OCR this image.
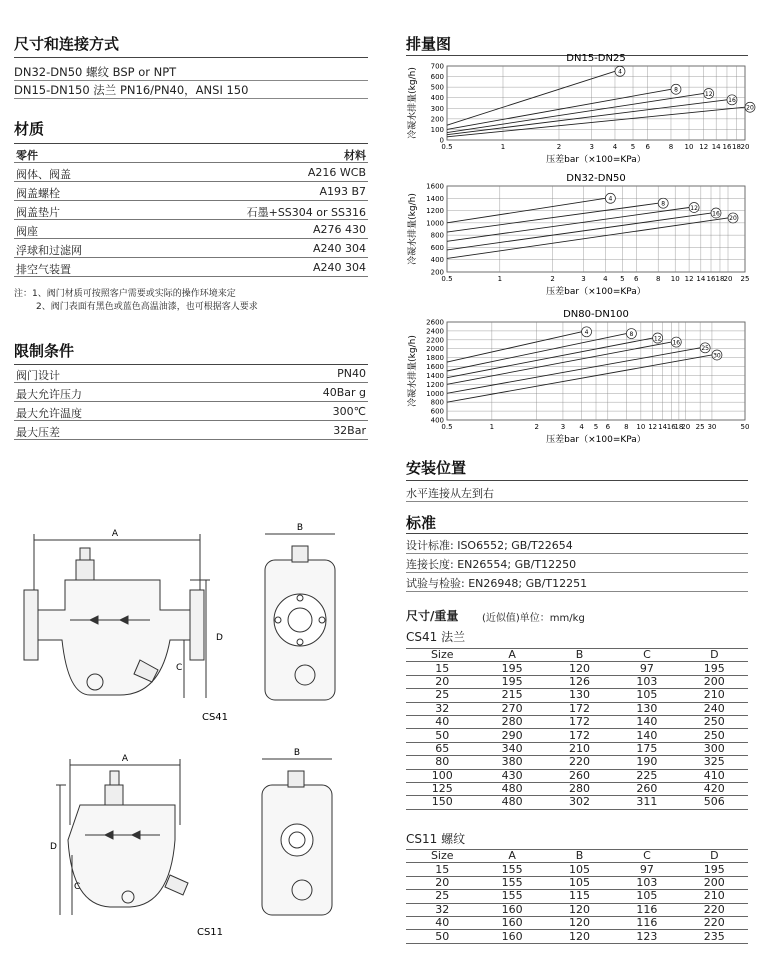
尺寸和连接方式
DN32-DN50 螺纹 BSP or NPT
DN15-DN150 法兰 PN16/PN40，ANSI 150
材质
零件	材料
阀体、阀盖	A216 WCB
阀盖螺栓	A193 B7
阀盖垫片	石墨+SS304 or SS316
阀座	A276 430
浮球和过滤网	A240 304
排空气装置	A240 304
注：1、阀门材质可按照客户需要或实际的操作环境来定
2、阀门表面有黑色或蓝色高温油漆，也可根据客人要求
限制条件
阀门设计	PN40
最大允许压力	40Bar g
最大允许温度	300℃
最大压差	32Bar
A
B
D
C
CS41
A
B
D
C
CS11
排量图
DN15-DN25
0
100
200
300
400
500
600
700
0.5	1	2	3	4 5 6	8 10 12 14 16 18 20
4
8
12
16
20
冷凝水排量(kg/h)
压差bar（×100=KPa）
DN32-DN50
200
400
600
800
1000
1200
1400
1600
0.5	1	2	3 4 5 6 8 10 12 14 16 18 20 25
4
8
12
16
20
冷凝水排量(kg/h)
压差bar（×100=KPa）
DN80-DN100
400
600
800
1000
1200
1400
1600
1800
2000
2200
2400
2600
0.5	1	2	3 4 5 6 8 10 12 14 16
18
20 25 30	50
4	8
12
16
25
30
冷凝水排量(kg/h)
压差bar（×100=KPa）
安装位置
水平连接从左到右
标准
设计标准: ISO6552; GB/T22654
连接长度: EN26554; GB/T12250
试验与检验: EN26948; GB/T12251
尺寸/重量 (近似值)单位：mm/kg
CS41 法兰
Size	A	B	C	D
15	195	120	97	195
20	195	126	103	200
25	215	130	105	210
32	270	172	130	240
40	280	172	140	250
50	290	172	140	250
65	340	210	175	300
80	380	220	190	325
100	430	260	225	410
125	480	280	260	420
150	480	302	311	506
CS11 螺纹
Size	A	B	C	D
15	155	105	97	195
20	155	105	103	200
25	155	115	105	210
32	160	120	116	220
40	160	120	116	220
50	160	120	123	235
